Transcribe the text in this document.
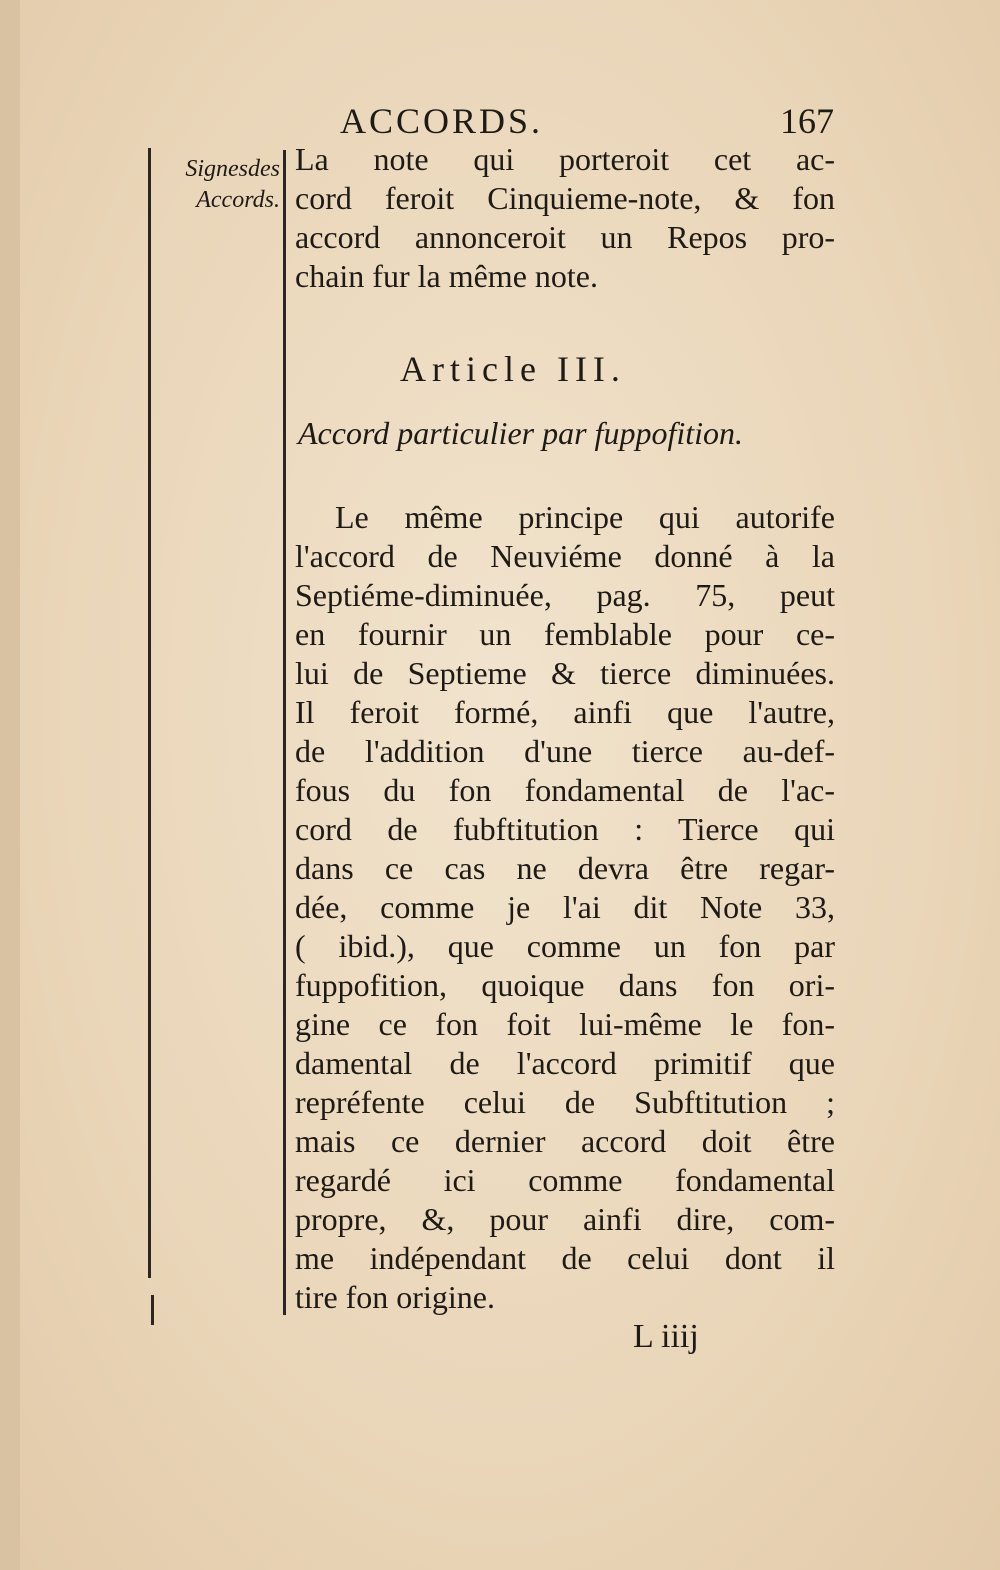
ACCORDS.	167
Signesdes
Accords.
La note qui porteroit cet ac-
cord feroit Cinquieme-note, & fon
accord annonceroit un Repos pro-
chain fur la même note.
Article III.
Accord particulier par fuppofition.
Le même principe qui autorife
l'accord de Neuviéme donné à la
Septiéme-diminuée, pag. 75, peut
en fournir un femblable pour ce-
lui de Septieme & tierce diminuées.
Il feroit formé, ainfi que l'autre,
de l'addition d'une tierce au-def-
fous du fon fondamental de l'ac-
cord de fubftitution : Tierce qui
dans ce cas ne devra être regar-
dée, comme je l'ai dit Note 33,
( ibid.), que comme un fon par
fuppofition, quoique dans fon ori-
gine ce fon foit lui-même le fon-
damental de l'accord primitif que
repréfente celui de Subftitution ;
mais ce dernier accord doit être
regardé ici comme fondamental
propre, &, pour ainfi dire, com-
me indépendant de celui dont il
tire fon origine.
L iiij
